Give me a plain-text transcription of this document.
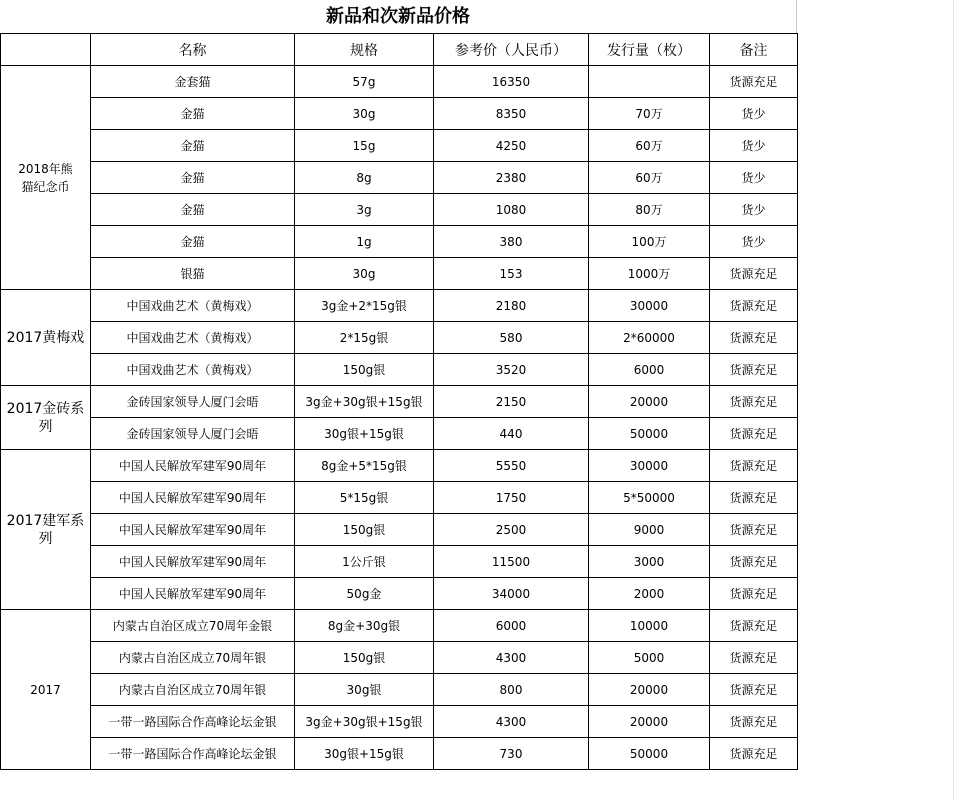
新品和次新品价格
	名称	规格	参考价（人民币）	发行量（枚）	备注
2018年熊猫纪念币	金套猫	57g	16350		货源充足
	金猫	30g	8350	70万	货少
	金猫	15g	4250	60万	货少
	金猫	8g	2380	60万	货少
	金猫	3g	1080	80万	货少
	金猫	1g	380	100万	货少
	银猫	30g	153	1000万	货源充足
2017黄梅戏	中国戏曲艺术（黄梅戏）	3g金+2*15g银	2180	30000	货源充足
	中国戏曲艺术（黄梅戏）	2*15g银	580	2*60000	货源充足
	中国戏曲艺术（黄梅戏）	150g银	3520	6000	货源充足
2017金砖系列	金砖国家领导人厦门会晤	3g金+30g银+15g银	2150	20000	货源充足
	金砖国家领导人厦门会晤	30g银+15g银	440	50000	货源充足
2017建军系列	中国人民解放军建军90周年	8g金+5*15g银	5550	30000	货源充足
	中国人民解放军建军90周年	5*15g银	1750	5*50000	货源充足
	中国人民解放军建军90周年	150g银	2500	9000	货源充足
	中国人民解放军建军90周年	1公斤银	11500	3000	货源充足
	中国人民解放军建军90周年	50g金	34000	2000	货源充足
2017	内蒙古自治区成立70周年金银	8g金+30g银	6000	10000	货源充足
	内蒙古自治区成立70周年银	150g银	4300	5000	货源充足
	内蒙古自治区成立70周年银	30g银	800	20000	货源充足
	一带一路国际合作高峰论坛金银	3g金+30g银+15g银	4300	20000	货源充足
	一带一路国际合作高峰论坛金银	30g银+15g银	730	50000	货源充足
